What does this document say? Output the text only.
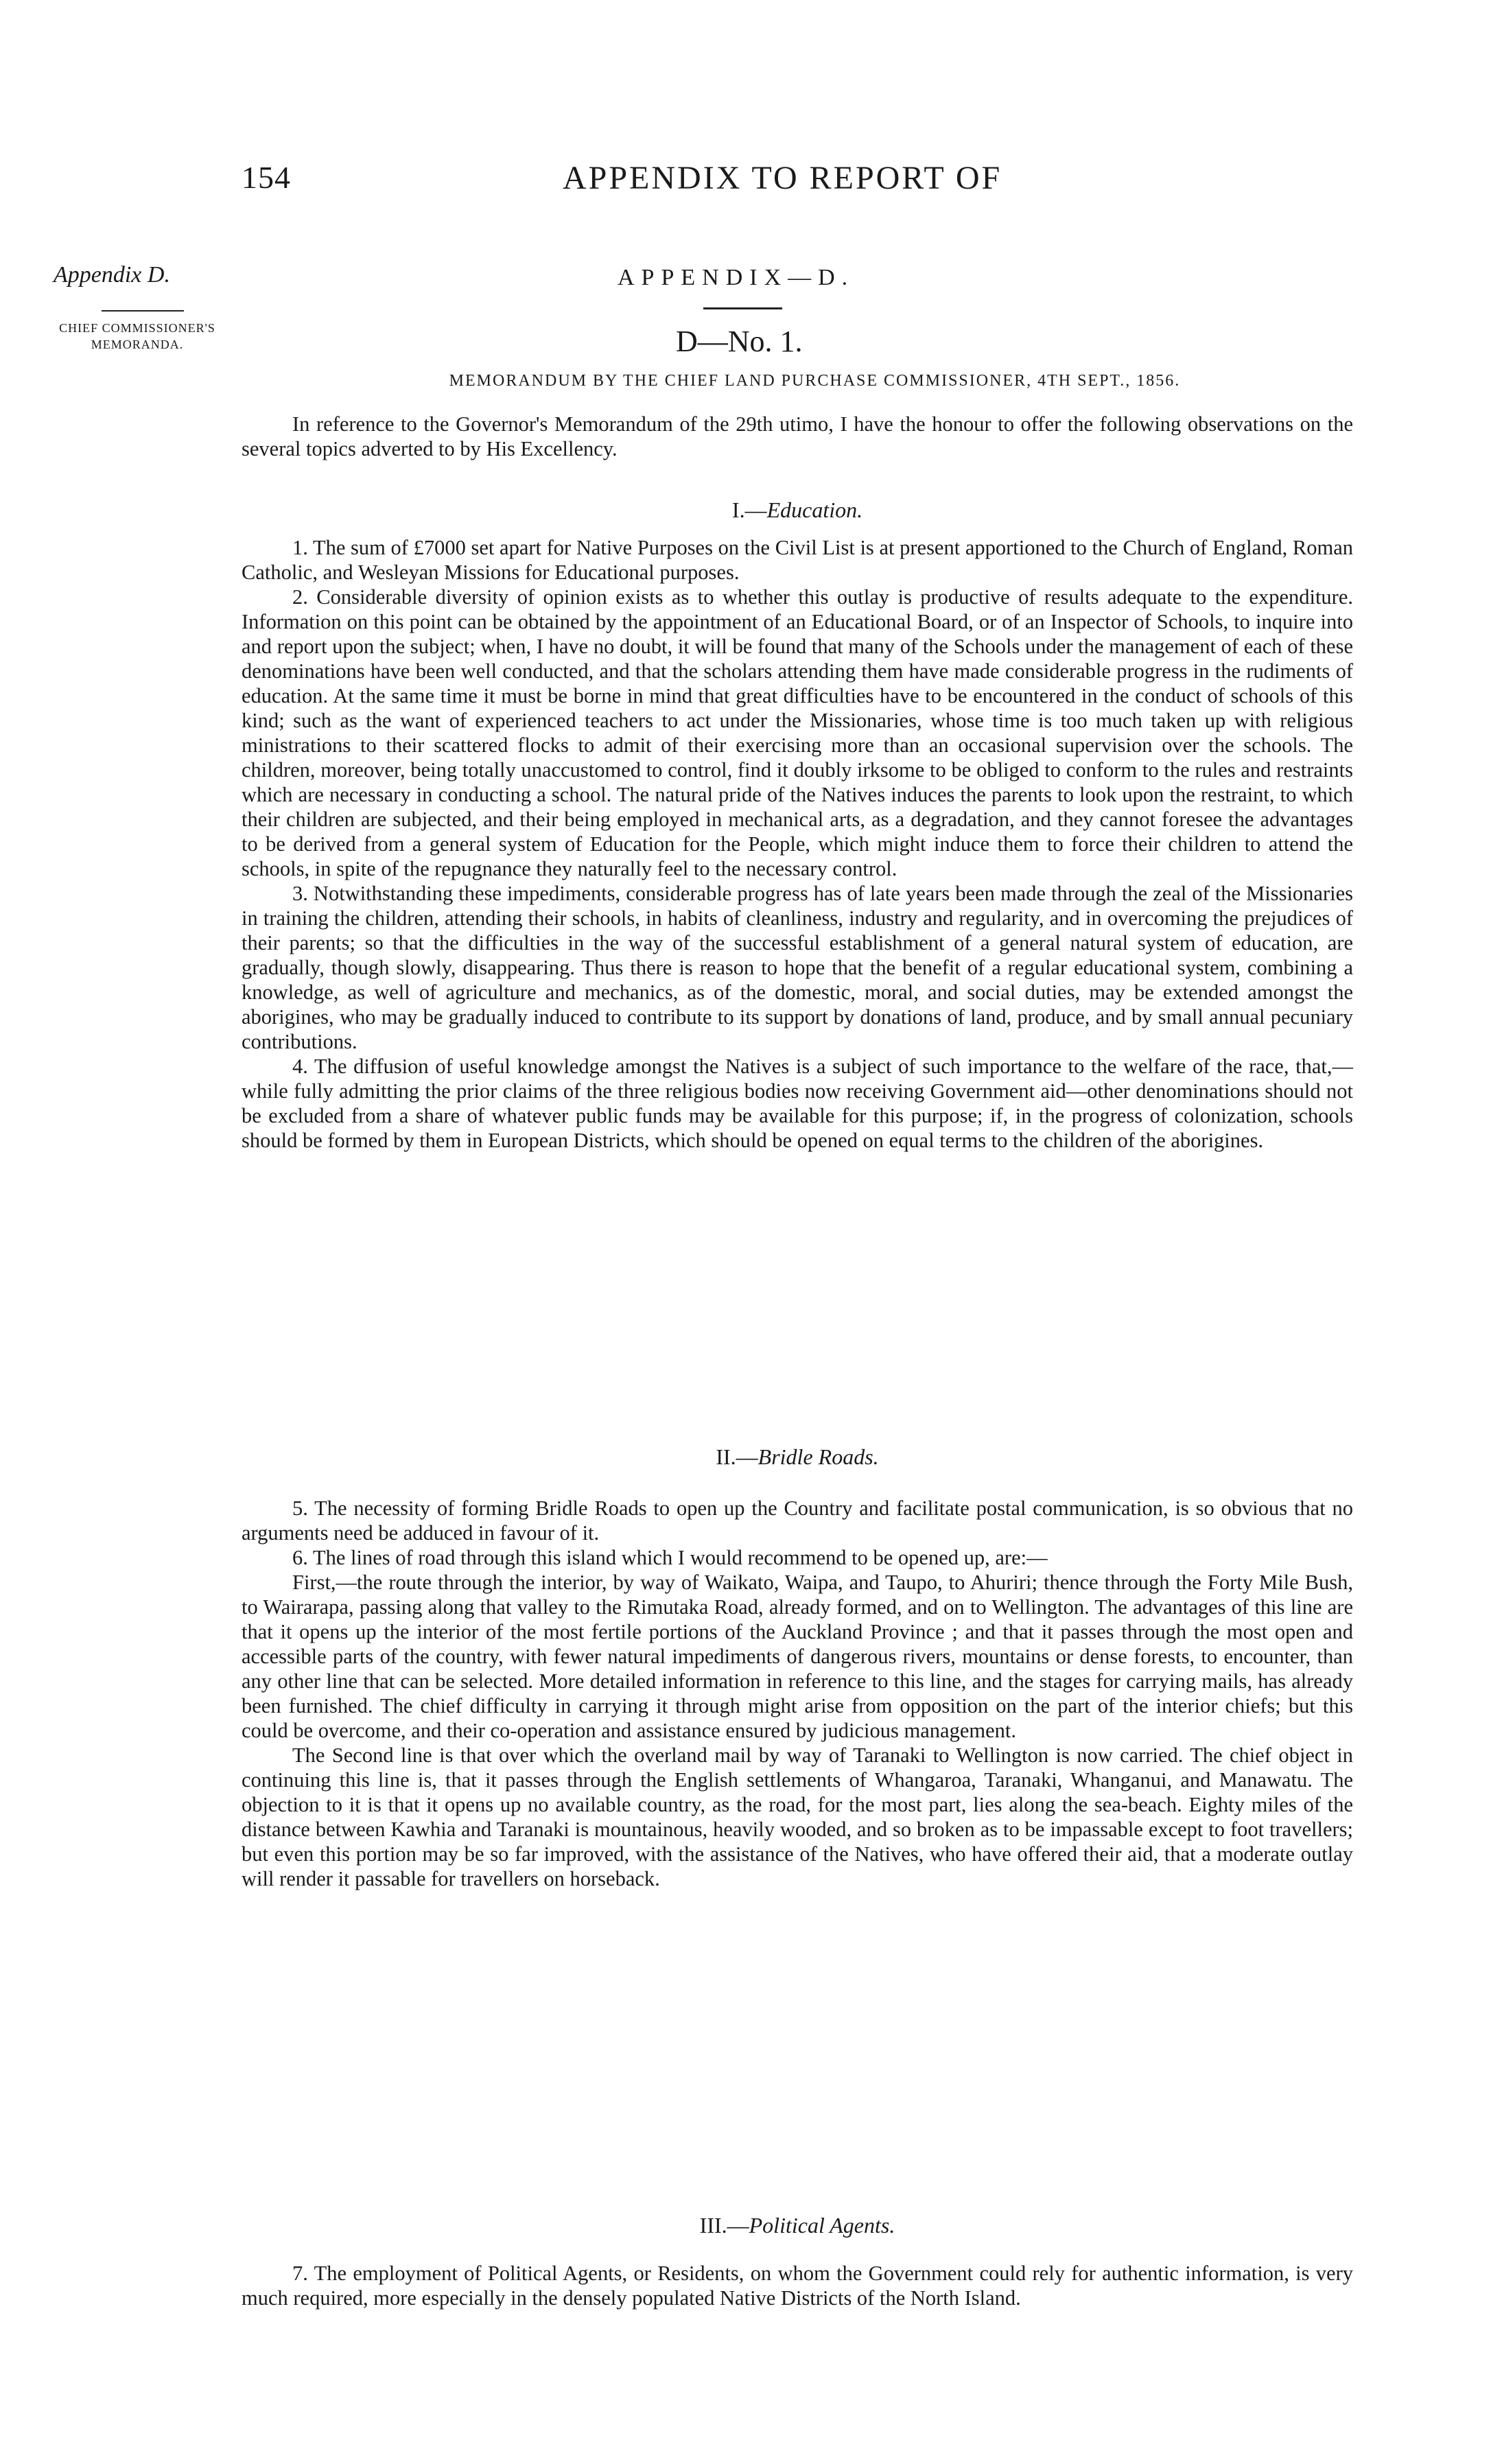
154	APPENDIX TO REPORT OF
Appendix D.
CHIEF COMMISSIONER'S
MEMORANDA.
APPENDIX—D.
D—No. 1.
MEMORANDUM BY THE CHIEF LAND PURCHASE COMMISSIONER, 4TH SEPT., 1856.

In reference to the Governor's Memorandum of the 29th utimo, I have the honour to offer the following observations on the several topics adverted to by His Excellency.

I.—Education.

1. The sum of £7000 set apart for Native Purposes on the Civil List is at present apportioned to the Church of England, Roman Catholic, and Wesleyan Missions for Educational purposes.

2. Considerable diversity of opinion exists as to whether this outlay is productive of results adequate to the expenditure. Information on this point can be obtained by the appointment of an Educational Board, or of an Inspector of Schools, to inquire into and report upon the subject; when, I have no doubt, it will be found that many of the Schools under the management of each of these denominations have been well conducted, and that the scholars attending them have made considerable progress in the rudiments of education. At the same time it must be borne in mind that great difficulties have to be encountered in the conduct of schools of this kind; such as the want of experienced teachers to act under the Missionaries, whose time is too much taken up with religious ministrations to their scattered flocks to admit of their exercising more than an occasional supervision over the schools. The children, moreover, being totally unaccustomed to control, find it doubly irksome to be obliged to conform to the rules and restraints which are necessary in conducting a school. The natural pride of the Natives induces the parents to look upon the restraint, to which their children are subjected, and their being employed in mechanical arts, as a degradation, and they cannot foresee the advantages to be derived from a general system of Education for the People, which might induce them to force their children to attend the schools, in spite of the repugnance they naturally feel to the necessary control.

3. Notwithstanding these impediments, considerable progress has of late years been made through the zeal of the Missionaries in training the children, attending their schools, in habits of cleanliness, industry and regularity, and in overcoming the prejudices of their parents; so that the difficulties in the way of the successful establishment of a general natural system of education, are gradually, though slowly, disappearing. Thus there is reason to hope that the benefit of a regular educational system, combining a knowledge, as well of agriculture and mechanics, as of the domestic, moral, and social duties, may be extended amongst the aborigines, who may be gradually induced to contribute to its support by donations of land, produce, and by small annual pecuniary contributions.

4. The diffusion of useful knowledge amongst the Natives is a subject of such importance to the welfare of the race, that,—while fully admitting the prior claims of the three religious bodies now receiving Government aid—other denominations should not be excluded from a share of whatever public funds may be available for this purpose; if, in the progress of colonization, schools should be formed by them in European Districts, which should be opened on equal terms to the children of the aborigines.

II.—Bridle Roads.

5. The necessity of forming Bridle Roads to open up the Country and facilitate postal communication, is so obvious that no arguments need be adduced in favour of it.

6. The lines of road through this island which I would recommend to be opened up, are:—

First,—the route through the interior, by way of Waikato, Waipa, and Taupo, to Ahuriri; thence through the Forty Mile Bush, to Wairarapa, passing along that valley to the Rimutaka Road, already formed, and on to Wellington. The advantages of this line are that it opens up the interior of the most fertile portions of the Auckland Province ; and that it passes through the most open and accessible parts of the country, with fewer natural impediments of dangerous rivers, mountains or dense forests, to encounter, than any other line that can be selected. More detailed information in reference to this line, and the stages for carrying mails, has already been furnished. The chief difficulty in carrying it through might arise from opposition on the part of the interior chiefs; but this could be overcome, and their co-operation and assistance ensured by judicious management.

The Second line is that over which the overland mail by way of Taranaki to Wellington is now carried. The chief object in continuing this line is, that it passes through the English settlements of Whangaroa, Taranaki, Whanganui, and Manawatu. The objection to it is that it opens up no available country, as the road, for the most part, lies along the sea-beach. Eighty miles of the distance between Kawhia and Taranaki is mountainous, heavily wooded, and so broken as to be impassable except to foot travellers; but even this portion may be so far improved, with the assistance of the Natives, who have offered their aid, that a moderate outlay will render it passable for travellers on horseback.

III.—Political Agents.

7. The employment of Political Agents, or Residents, on whom the Government could rely for authentic information, is very much required, more especially in the densely populated Native Districts of the North Island.
